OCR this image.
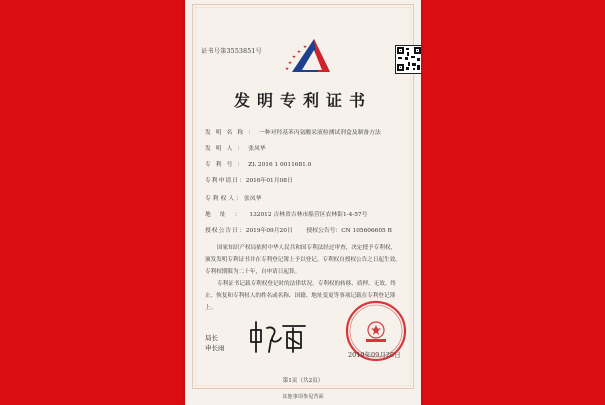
证书号第3553851号
发明专利证书
发明名称：一种对羟基苯丙氨酸采液检测试剂盒及制备方法
发明人：张凤华
专利号：ZL 2016 1 0011681.0
专利申请日：2016年01月08日
专利权人：张凤华
地址：132012 吉林省吉林市船营区农林街1-4-57号
授权公告日：2019年09月20日 授权公告号：CN 105606605 B

国家知识产权局依照中华人民共和国专利法经过审查，决定授予专利权，颁发发明专利证书并在专利登记簿上予以登记。专利权自授权公告之日起生效。专利权期限为二十年，自申请日起算。

专利证书记载专利权登记时的法律状况。专利权的转移、质押、无效、终止、恢复和专利权人的姓名或名称、国籍、地址变更等事项记载在专利登记簿上。

局长
申长雨
2019年09月20日
第1页（共2页）
其他事项参见背面
